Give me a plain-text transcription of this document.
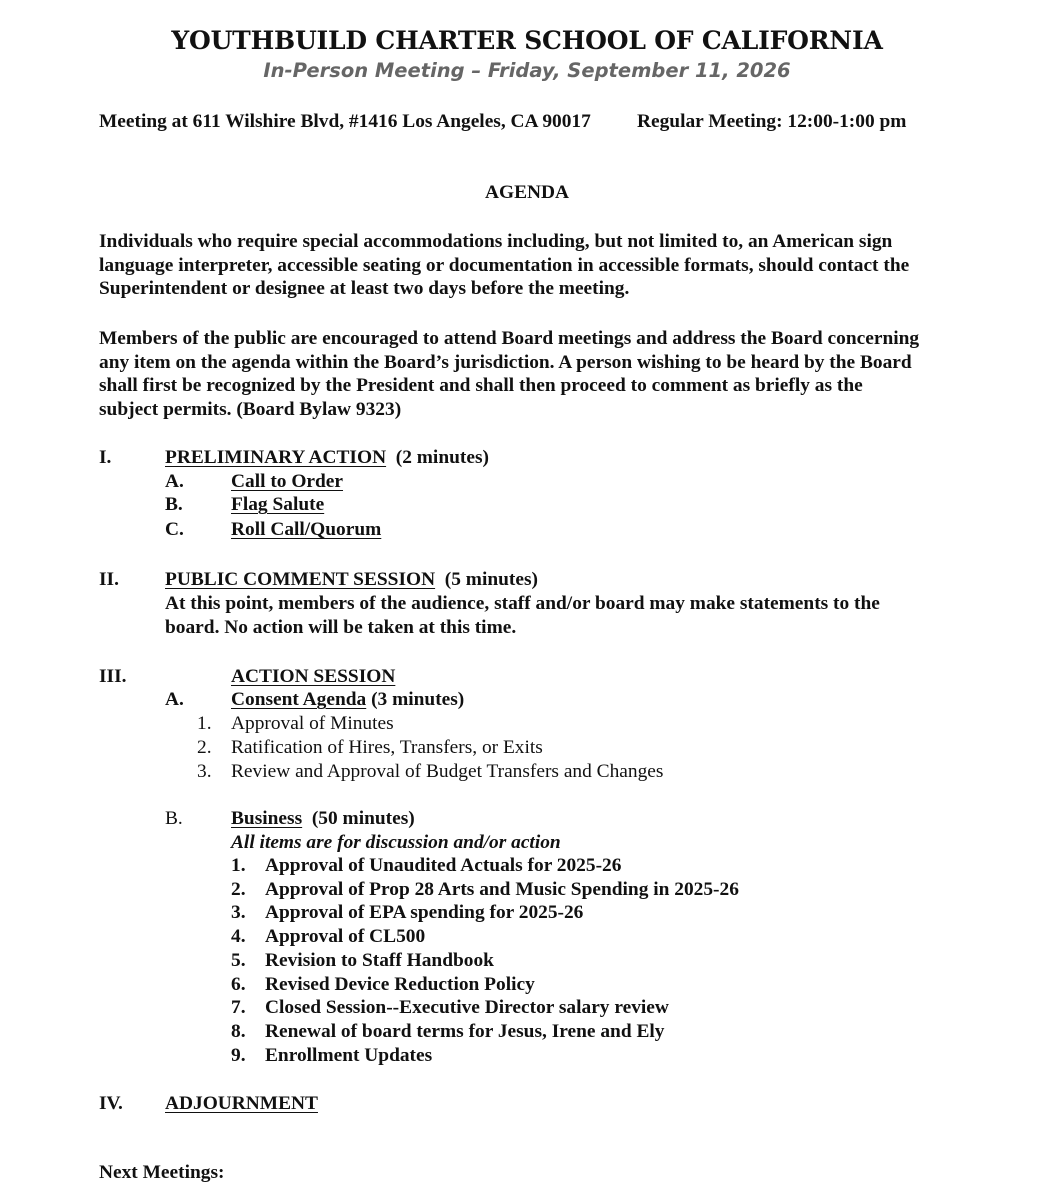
YOUTHBUILD CHARTER SCHOOL OF CALIFORNIA
In-Person Meeting – Friday, September 11, 2026
Meeting at 611 Wilshire Blvd, #1416 Los Angeles, CA 90017 Regular Meeting: 12:00-1:00 pm
AGENDA
Individuals who require special accommodations including, but not limited to, an American sign
language interpreter, accessible seating or documentation in accessible formats, should contact the
Superintendent or designee at least two days before the meeting.
Members of the public are encouraged to attend Board meetings and address the Board concerning
any item on the agenda within the Board’s jurisdiction. A person wishing to be heard by the Board
shall first be recognized by the President and shall then proceed to comment as briefly as the
subject permits. (Board Bylaw 9323)
I.	PRELIMINARY ACTION (2 minutes)
A. Call to Order
B. Flag Salute
C. Roll Call/Quorum
II. PUBLIC COMMENT SESSION (5 minutes)
At this point, members of the audience, staff and/or board may make statements to the
board. No action will be taken at this time.
III.	ACTION SESSION
A. Consent Agenda (3 minutes)
1. Approval of Minutes
2. Ratification of Hires, Transfers, or Exits
3. Review and Approval of Budget Transfers and Changes
B. Business (50 minutes)
All items are for discussion and/or action
1. Approval of Unaudited Actuals for 2025-26
2. Approval of Prop 28 Arts and Music Spending in 2025-26
3. Approval of EPA spending for 2025-26
4. Approval of CL500
5. Revision to Staff Handbook
6. Revised Device Reduction Policy
7. Closed Session--Executive Director salary review
8. Renewal of board terms for Jesus, Irene and Ely
9. Enrollment Updates
IV. ADJOURNMENT
Next Meetings:
